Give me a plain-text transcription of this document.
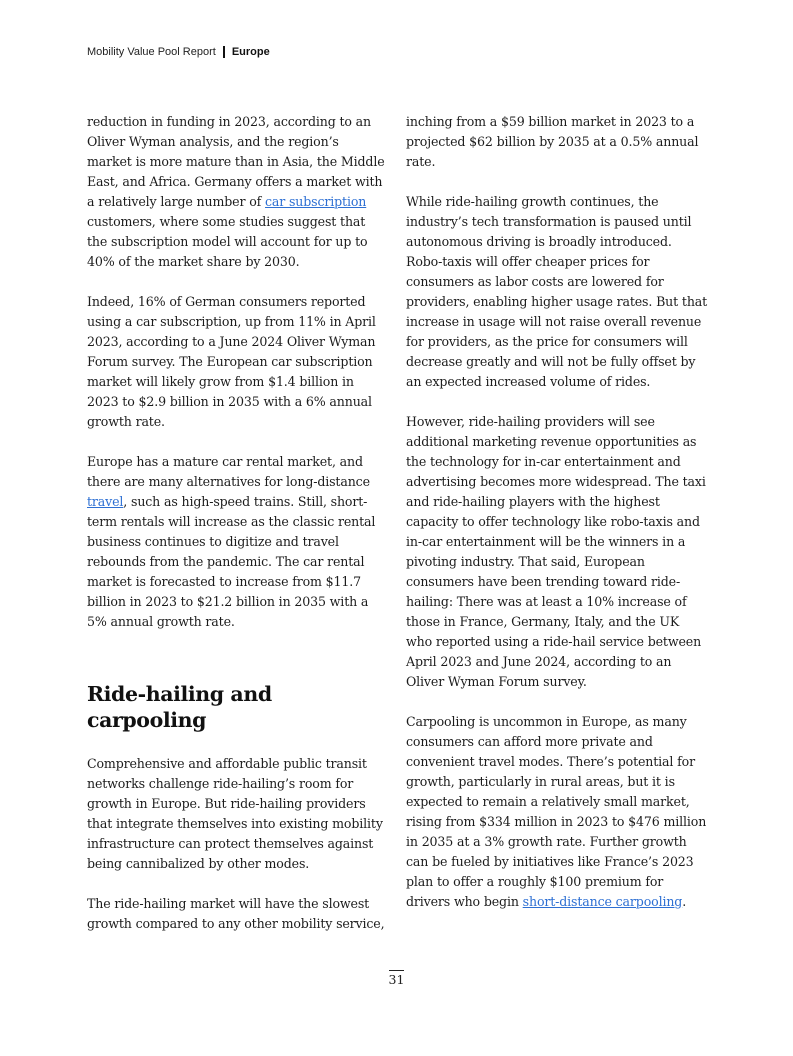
Mobility Value Pool Report Europe

reduction in funding in 2023, according to an Oliver Wyman analysis, and the region’s market is more mature than in Asia, the Middle East, and Africa. Germany offers a market with a relatively large number of car subscription customers, where some studies suggest that the subscription model will account for up to 40% of the market share by 2030.

Indeed, 16% of German consumers reported using a car subscription, up from 11% in April 2023, according to a June 2024 Oliver Wyman Forum survey. The European car subscription market will likely grow from $1.4 billion in 2023 to $2.9 billion in 2035 with a 6% annual growth rate.

Europe has a mature car rental market, and there are many alternatives for long-distance travel, such as high-speed trains. Still, short-term rentals will increase as the classic rental business continues to digitize and travel rebounds from the pandemic. The car rental market is forecasted to increase from $11.7 billion in 2023 to $21.2 billion in 2035 with a 5% annual growth rate.

Ride-hailing and carpooling

Comprehensive and affordable public transit networks challenge ride-hailing’s room for growth in Europe. But ride-hailing providers that integrate themselves into existing mobility infrastructure can protect themselves against being cannibalized by other modes.

The ride-hailing market will have the slowest growth compared to any other mobility service,

inching from a $59 billion market in 2023 to a projected $62 billion by 2035 at a 0.5% annual rate.

While ride-hailing growth continues, the industry’s tech transformation is paused until autonomous driving is broadly introduced. Robo-taxis will offer cheaper prices for consumers as labor costs are lowered for providers, enabling higher usage rates. But that increase in usage will not raise overall revenue for providers, as the price for consumers will decrease greatly and will not be fully offset by an expected increased volume of rides.

However, ride-hailing providers will see additional marketing revenue opportunities as the technology for in-car entertainment and advertising becomes more widespread. The taxi and ride-hailing players with the highest capacity to offer technology like robo-taxis and in-car entertainment will be the winners in a pivoting industry. That said, European consumers have been trending toward ride-hailing: There was at least a 10% increase of those in France, Germany, Italy, and the UK who reported using a ride-hail service between April 2023 and June 2024, according to an Oliver Wyman Forum survey.

Carpooling is uncommon in Europe, as many consumers can afford more private and convenient travel modes. There’s potential for growth, particularly in rural areas, but it is expected to remain a relatively small market, rising from $334 million in 2023 to $476 million in 2035 at a 3% growth rate. Further growth can be fueled by initiatives like France’s 2023 plan to offer a roughly $100 premium for drivers who begin short-distance carpooling.

31
